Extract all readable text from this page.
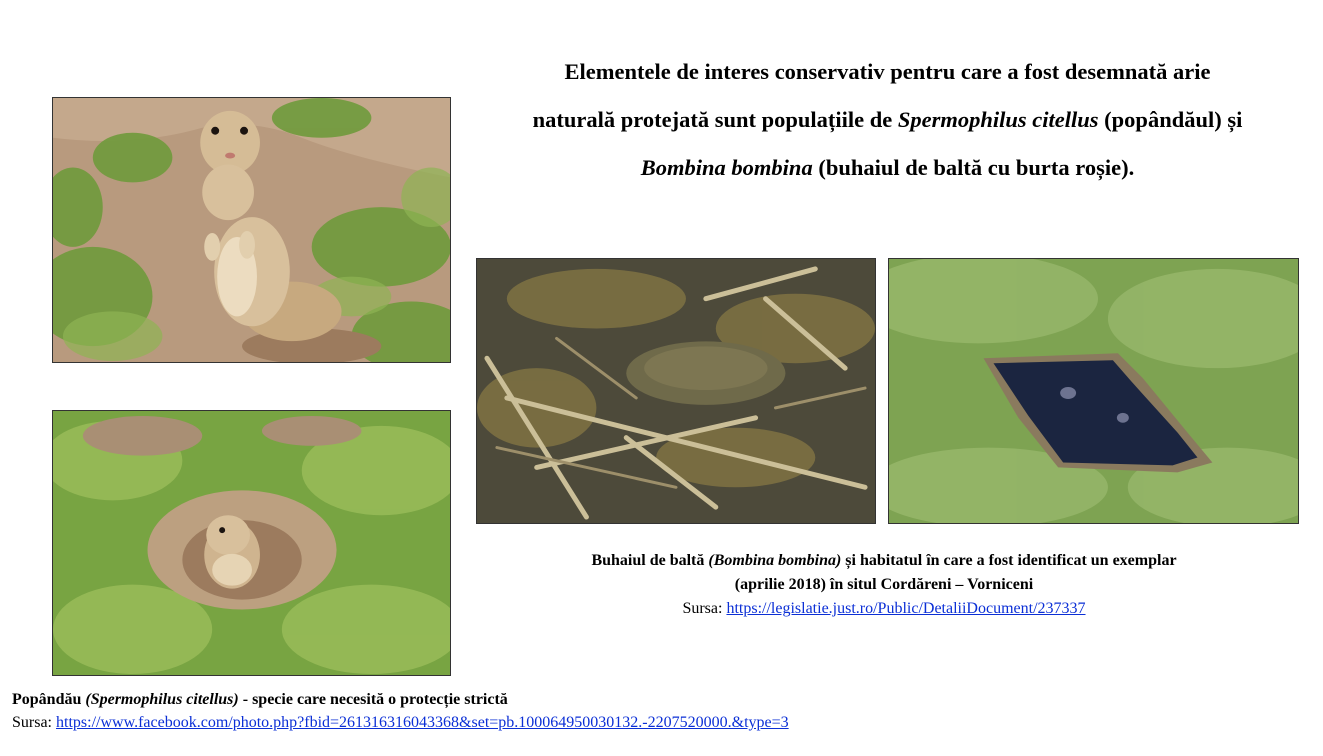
Elementele de interes conservativ pentru care a fost desemnată arie
naturală protejată sunt populațiile de Spermophilus citellus (popândăul) și
Bombina bombina (buhaiul de baltă cu burta roșie).
Buhaiul de baltă (Bombina bombina) și habitatul în care a fost identificat un exemplar
(aprilie 2018) în situl Cordăreni – Vorniceni
Sursa: https://legislatie.just.ro/Public/DetaliiDocument/237337
Popândău (Spermophilus citellus) - specie care necesită o protecție strictă
Sursa: https://www.facebook.com/photo.php?fbid=261316316043368&set=pb.100064950030132.-2207520000.&type=3
